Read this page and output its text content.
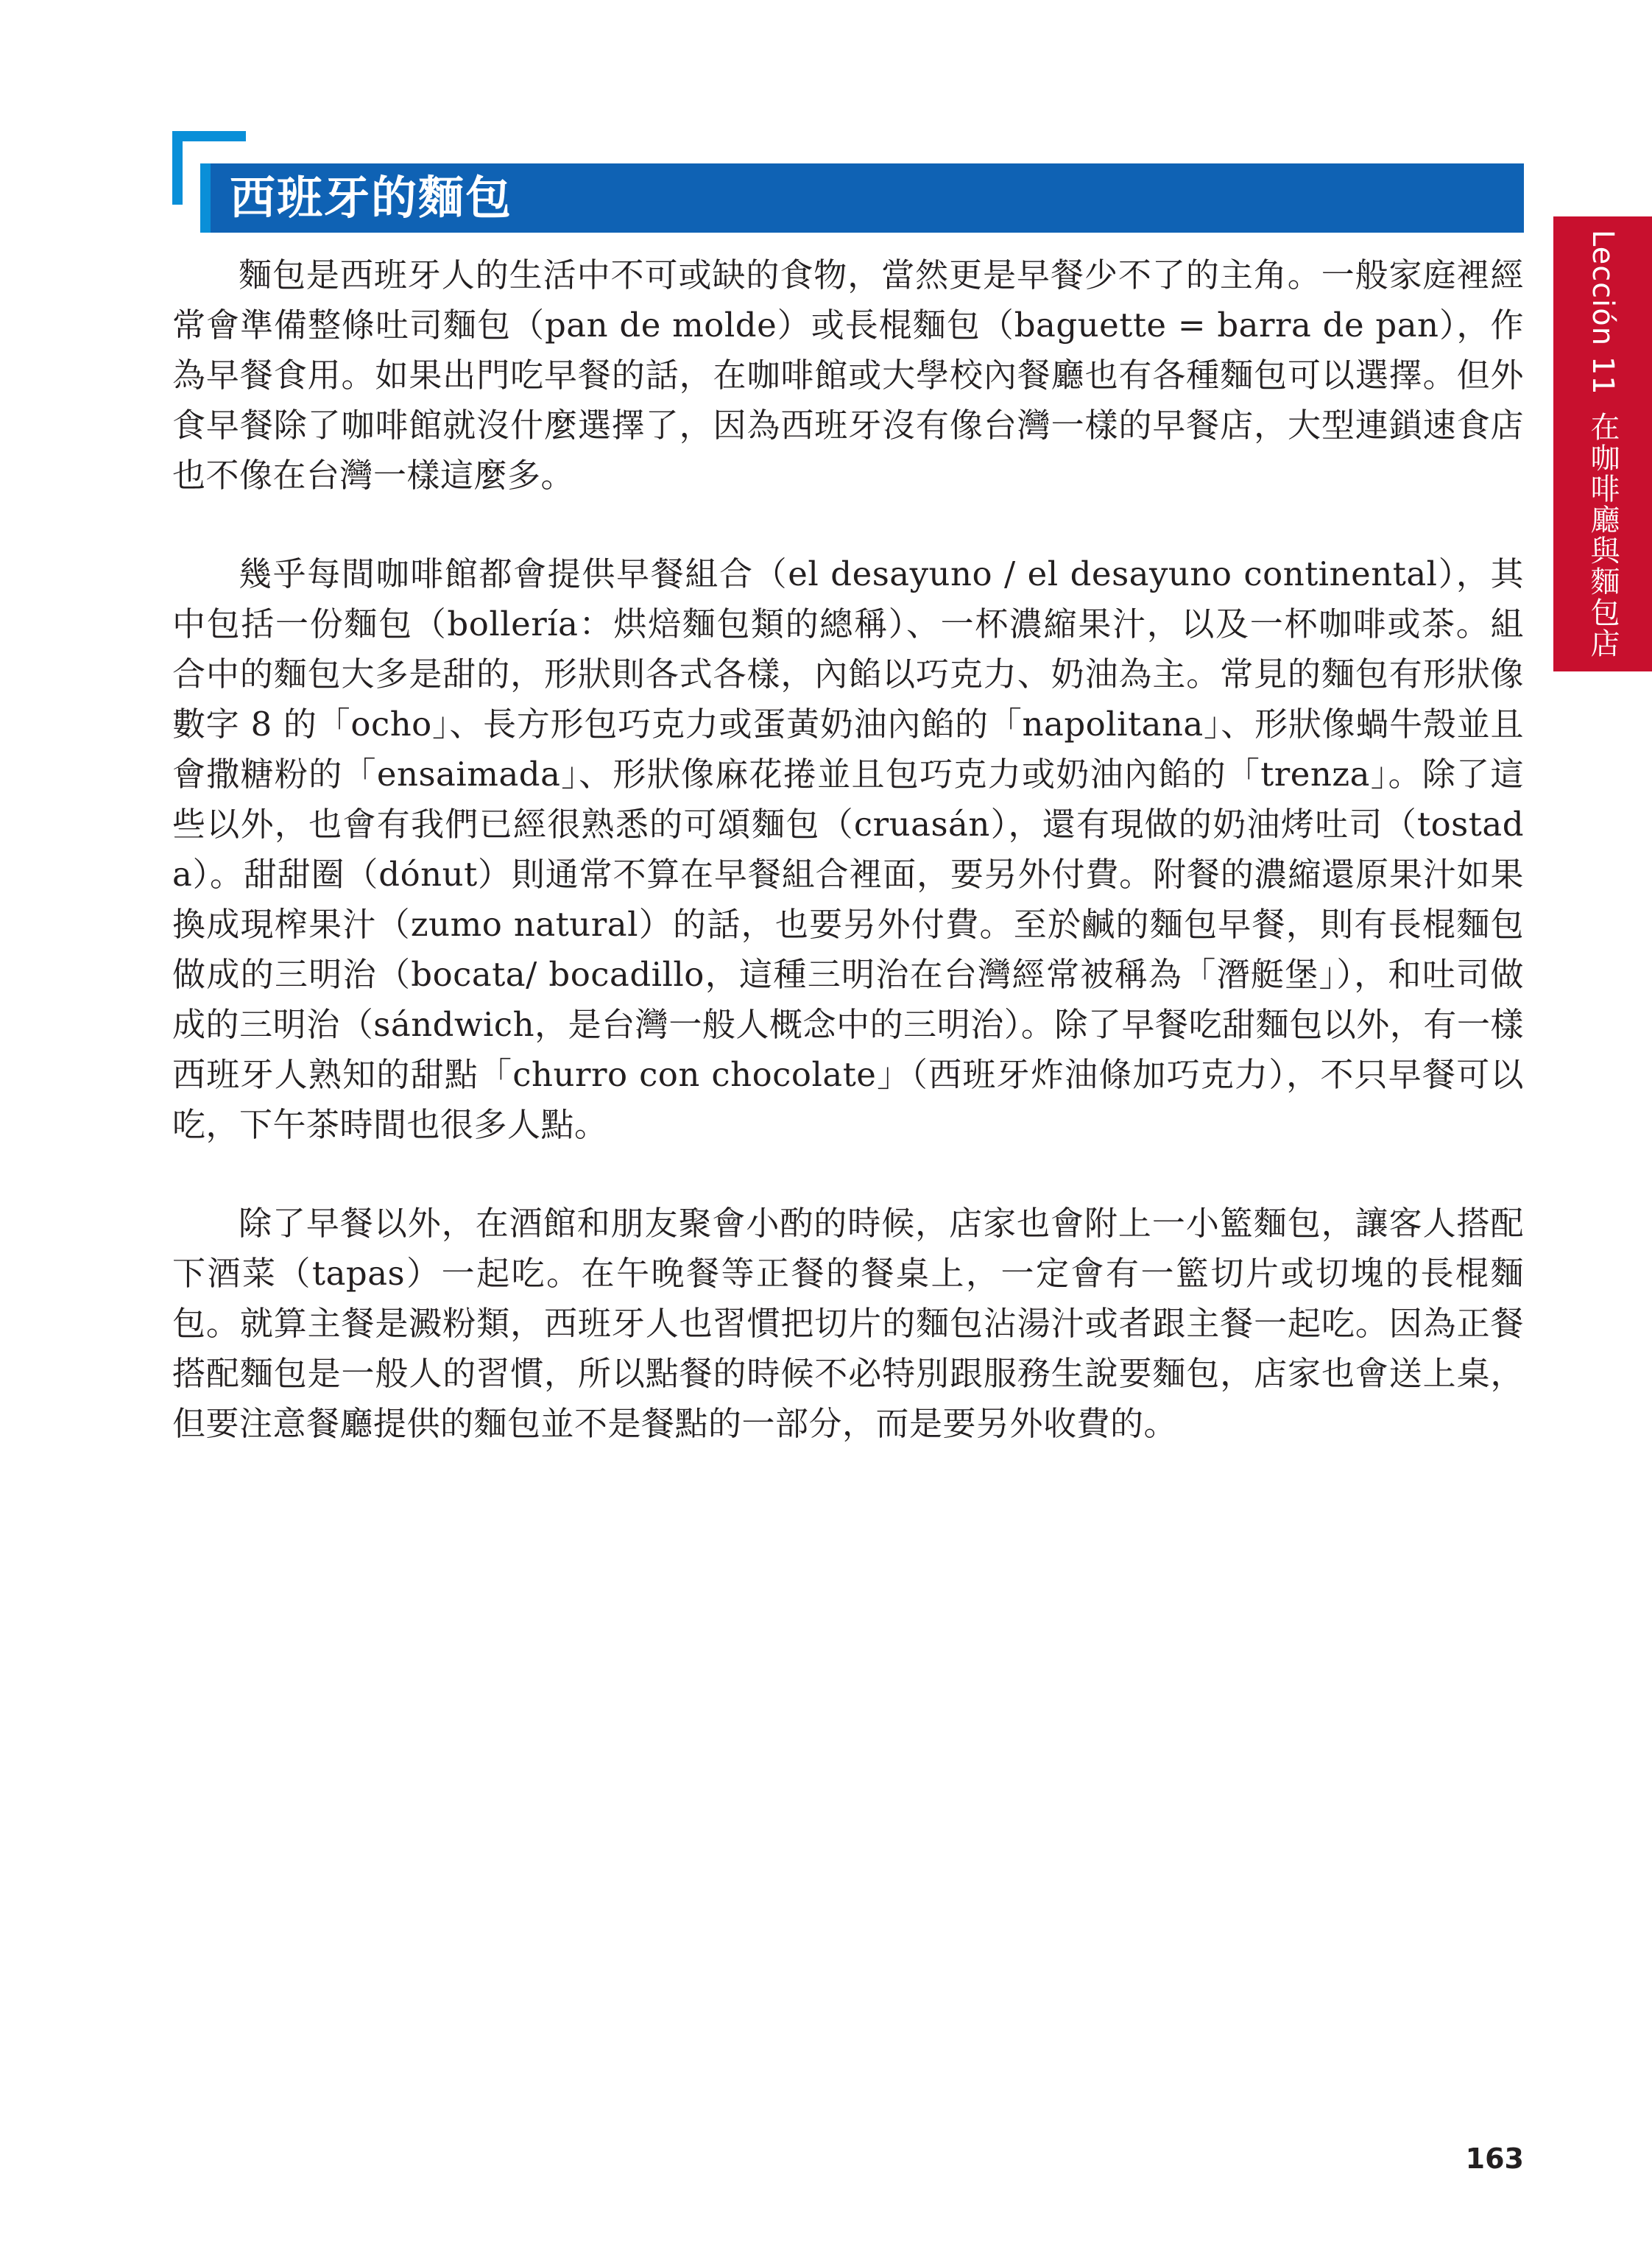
西班牙的麵包
Lección 11
在咖啡廳與麵包店

麵包是西班牙人的生活中不可或缺的食物，當然更是早餐少不了的主角。一般家庭裡經常會準備整條吐司麵包（pan de molde）或長棍麵包（baguette = barra de pan），作為早餐食用。如果出門吃早餐的話，在咖啡館或大學校內餐廳也有各種麵包可以選擇。但外食早餐除了咖啡館就沒什麼選擇了，因為西班牙沒有像台灣一樣的早餐店，大型連鎖速食店也不像在台灣一樣這麼多。

幾乎每間咖啡館都會提供早餐組合（el desayuno / el desayuno continental），其中包括一份麵包（bollería：烘焙麵包類的總稱）、一杯濃縮果汁，以及一杯咖啡或茶。組合中的麵包大多是甜的，形狀則各式各樣，內餡以巧克力、奶油為主。常見的麵包有形狀像數字 8 的「ocho」、長方形包巧克力或蛋黃奶油內餡的「napolitana」、形狀像蝸牛殼並且會撒糖粉的「ensaimada」、形狀像麻花捲並且包巧克力或奶油內餡的「trenza」。除了這些以外，也會有我們已經很熟悉的可頌麵包（cruasán），還有現做的奶油烤吐司（tostada）。甜甜圈（dónut）則通常不算在早餐組合裡面，要另外付費。附餐的濃縮還原果汁如果換成現榨果汁（zumo natural）的話，也要另外付費。至於鹹的麵包早餐，則有長棍麵包做成的三明治（bocata/ bocadillo，這種三明治在台灣經常被稱為「潛艇堡」），和吐司做成的三明治（sándwich，是台灣一般人概念中的三明治）。除了早餐吃甜麵包以外，有一樣西班牙人熟知的甜點「churro con chocolate」（西班牙炸油條加巧克力），不只早餐可以吃，下午茶時間也很多人點。

除了早餐以外，在酒館和朋友聚會小酌的時候，店家也會附上一小籃麵包，讓客人搭配下酒菜（tapas）一起吃。在午晚餐等正餐的餐桌上，一定會有一籃切片或切塊的長棍麵包。就算主餐是澱粉類，西班牙人也習慣把切片的麵包沾湯汁或者跟主餐一起吃。因為正餐搭配麵包是一般人的習慣，所以點餐的時候不必特別跟服務生說要麵包，店家也會送上桌，但要注意餐廳提供的麵包並不是餐點的一部分，而是要另外收費的。

163
